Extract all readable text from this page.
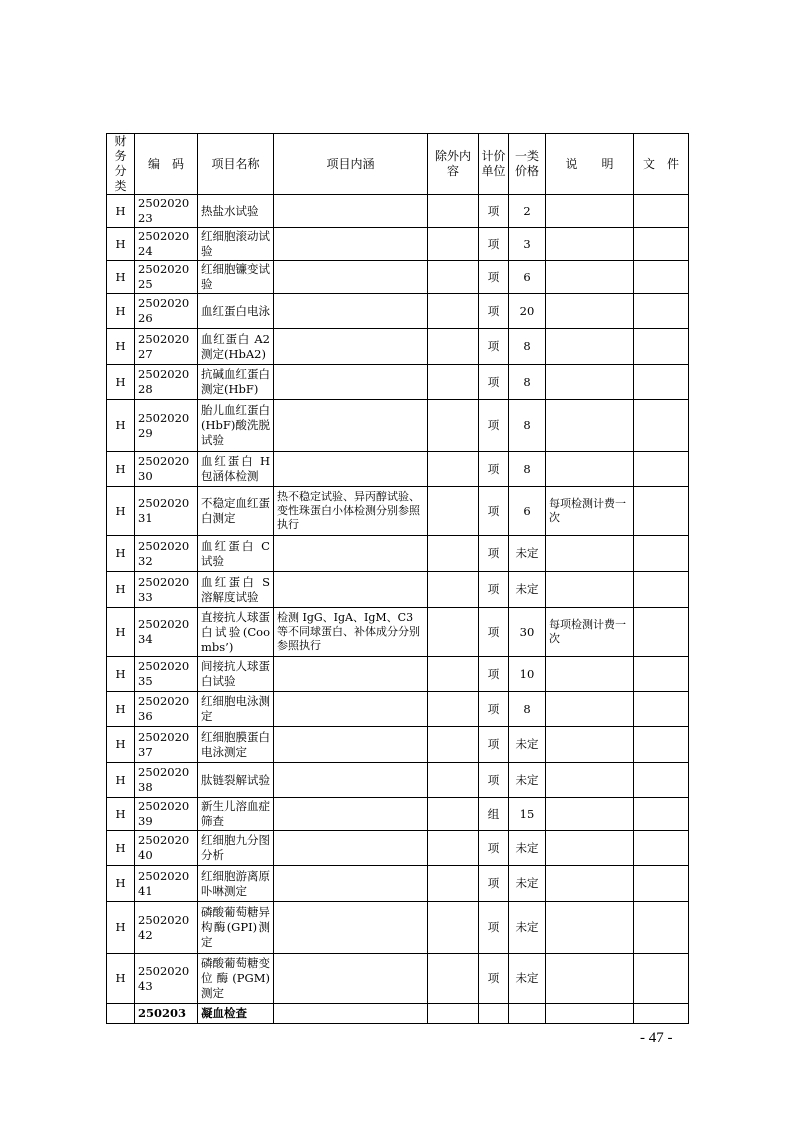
财务分类	编　码	项目名称	项目内涵	除外内容	计价单位	一类价格	说　　明	文　件
H	250202023	热盐水试验			项	2		
H	250202024	红细胞滚动试验			项	3		
H	250202025	红细胞镰变试验			项	6		
H	250202026	血红蛋白电泳			项	20		
H	250202027	血红蛋白 A2 测定(HbA2)			项	8		
H	250202028	抗碱血红蛋白测定(HbF)			项	8		
H	250202029	胎儿血红蛋白(HbF)酸洗脱试验			项	8		
H	250202030	血红蛋白 H 包涵体检测			项	8		
H	250202031	不稳定血红蛋白测定	热不稳定试验、异丙醇试验、变性珠蛋白小体检测分别参照执行		项	6	每项检测计费一次	
H	250202032	血红蛋白 C 试验			项	未定		
H	250202033	血红蛋白 S 溶解度试验			项	未定		
H	250202034	直接抗人球蛋白试验(Coombs’)	检测 IgG、IgA、IgM、C3 等不同球蛋白、补体成分分别参照执行		项	30	每项检测计费一次	
H	250202035	间接抗人球蛋白试验			项	10		
H	250202036	红细胞电泳测定			项	8		
H	250202037	红细胞膜蛋白电泳测定			项	未定		
H	250202038	肽链裂解试验			项	未定		
H	250202039	新生儿溶血症筛查			组	15		
H	250202040	红细胞九分图分析			项	未定		
H	250202041	红细胞游离原卟啉测定			项	未定		
H	250202042	磷酸葡萄糖异构酶(GPI)测定			项	未定		
H	250202043	磷酸葡萄糖变位酶(PGM)测定			项	未定		
	250203	凝血检查						
- 47 -
